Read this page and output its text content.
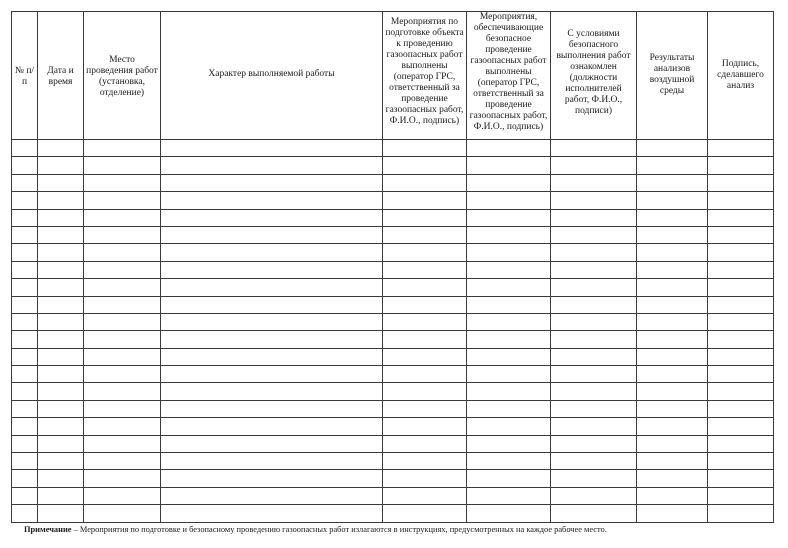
№ п/п	Дата и время	Место проведения работ (установка, отделение)	Характер выполняемой работы	Мероприятия по подготовке объекта к проведению газоопасных работ выполнены (оператор ГРС, ответственный за проведение газоопасных работ, Ф.И.О., подпись)	Мероприятия, обеспечивающие безопасное проведение газоопасных работ выполнены (оператор ГРС, ответственный за проведение газоопасных работ, Ф.И.О., подпись)	С условиями безопасного выполнения работ ознакомлен (должности исполнителей работ, Ф.И.О., подписи)	Результаты анализов воздушной среды	Подпись, сделавшего анализ

Примечание – Мероприятия по подготовке и безопасному проведению газоопасных работ излагаются в инструкциях, предусмотренных на каждое рабочее место.
